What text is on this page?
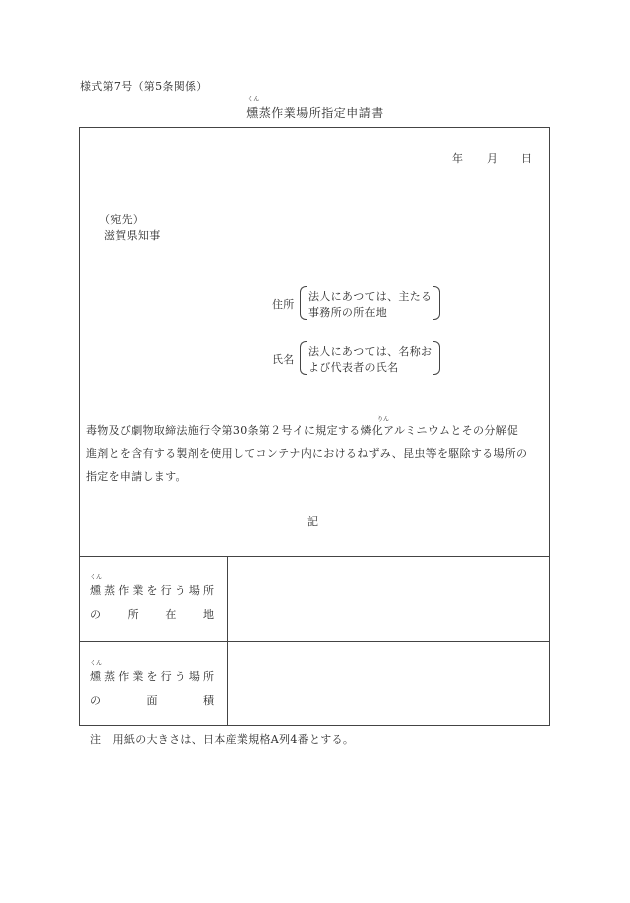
様式第7号（第5条関係）
くん
燻蒸作業場所指定申請書
年 月 日
（宛先）
滋賀県知事
住所
法人にあつては、主たる
事務所の所在地
氏名
法人にあつては、名称お
よび代表者の氏名
りん
毒物及び劇物取締法施行令第30条第２号イに規定する燐化アルミニウムとその分解促
進剤とを含有する製剤を使用してコンテナ内におけるねずみ、昆虫等を駆除する場所の
指定を申請します。
記
くん
燻 蒸 作 業 を 行 う 場 所
の 所 在 地
くん
燻 蒸 作 業 を 行 う 場 所
の	面	積
注　用紙の大きさは、日本産業規格A列4番とする。
